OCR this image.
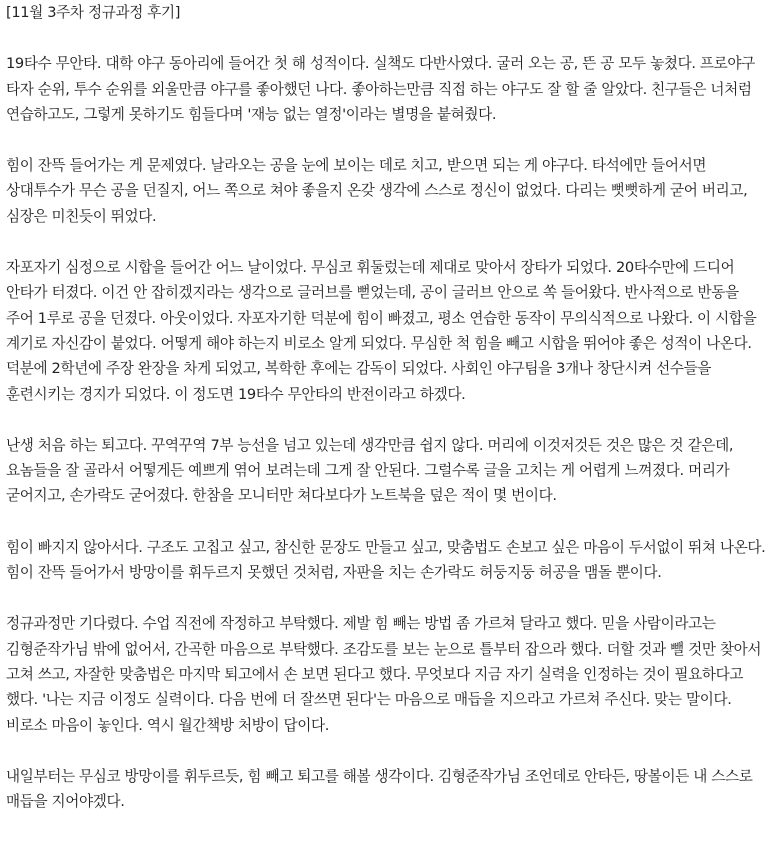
[11월 3주차 정규과정 후기]

19타수 무안타. 대학 야구 동아리에 들어간 첫 해 성적이다. 실책도 다반사였다. 굴러 오는 공, 뜬 공 모두 놓쳤다. 프로야구 타자 순위, 투수 순위를 외울만큼 야구를 좋아했던 나다. 좋아하는만큼 직접 하는 야구도 잘 할 줄 알았다. 친구들은 너처럼 연습하고도, 그렇게 못하기도 힘들다며 '재능 없는 열정'이라는 별명을 붙혀줬다.

힘이 잔뜩 들어가는 게 문제였다. 날라오는 공을 눈에 보이는 데로 치고, 받으면 되는 게 야구다. 타석에만 들어서면 상대투수가 무슨 공을 던질지, 어느 쪽으로 쳐야 좋을지 온갖 생각에 스스로 정신이 없었다. 다리는 뻣뻣하게 굳어 버리고, 심장은 미친듯이 뛰었다.

자포자기 심정으로 시합을 들어간 어느 날이었다. 무심코 휘둘렀는데 제대로 맞아서 장타가 되었다. 20타수만에 드디어 안타가 터졌다. 이건 안 잡히겠지라는 생각으로 글러브를 뻗었는데, 공이 글러브 안으로 쏙 들어왔다. 반사적으로 반동을 주어 1루로 공을 던졌다. 아웃이었다. 자포자기한 덕분에 힘이 빠졌고, 평소 연습한 동작이 무의식적으로 나왔다. 이 시합을 계기로 자신감이 붙었다. 어떻게 해야 하는지 비로소 알게 되었다. 무심한 척 힘을 빼고 시합을 뛰어야 좋은 성적이 나온다. 덕분에 2학년에 주장 완장을 차게 되었고, 복학한 후에는 감독이 되었다. 사회인 야구팀을 3개나 창단시켜 선수들을 훈련시키는 경지가 되었다. 이 정도면 19타수 무안타의 반전이라고 하겠다.

난생 처음 하는 퇴고다. 꾸역꾸역 7부 능선을 넘고 있는데 생각만큼 쉽지 않다. 머리에 이것저것든 것은 많은 것 같은데, 요놈들을 잘 골라서 어떻게든 예쁘게 엮어 보려는데 그게 잘 안된다. 그럴수록 글을 고치는 게 어렵게 느껴졌다. 머리가 굳어지고, 손가락도 굳어졌다. 한참을 모니터만 쳐다보다가 노트북을 덮은 적이 몇 번이다.

힘이 빠지지 않아서다. 구조도 고칩고 싶고, 참신한 문장도 만들고 싶고, 맞춤법도 손보고 싶은 마음이 두서없이 뛰쳐 나온다. 힘이 잔뜩 들어가서 방망이를 휘두르지 못했던 것처럼, 자판을 치는 손가락도 허둥지둥 허공을 맴돌 뿐이다.

정규과정만 기다렸다. 수업 직전에 작정하고 부탁했다. 제발 힘 빼는 방법 좀 가르쳐 달라고 했다. 믿을 사람이라고는 김형준작가님 밖에 없어서, 간곡한 마음으로 부탁했다. 조감도를 보는 눈으로 틀부터 잡으라 했다. 더할 것과 뺄 것만 찾아서 고쳐 쓰고, 자잘한 맞춤법은 마지막 퇴고에서 손 보면 된다고 했다. 무엇보다 지금 자기 실력을 인정하는 것이 필요하다고 했다. '나는 지금 이정도 실력이다. 다음 번에 더 잘쓰면 된다'는 마음으로 매듭을 지으라고 가르쳐 주신다. 맞는 말이다. 비로소 마음이 놓인다. 역시 월간책방 처방이 답이다.

내일부터는 무심코 방망이를 휘두르듯, 힘 빼고 퇴고를 해볼 생각이다. 김형준작가님 조언데로 안타든, 땅볼이든 내 스스로 매듭을 지어야겠다.
